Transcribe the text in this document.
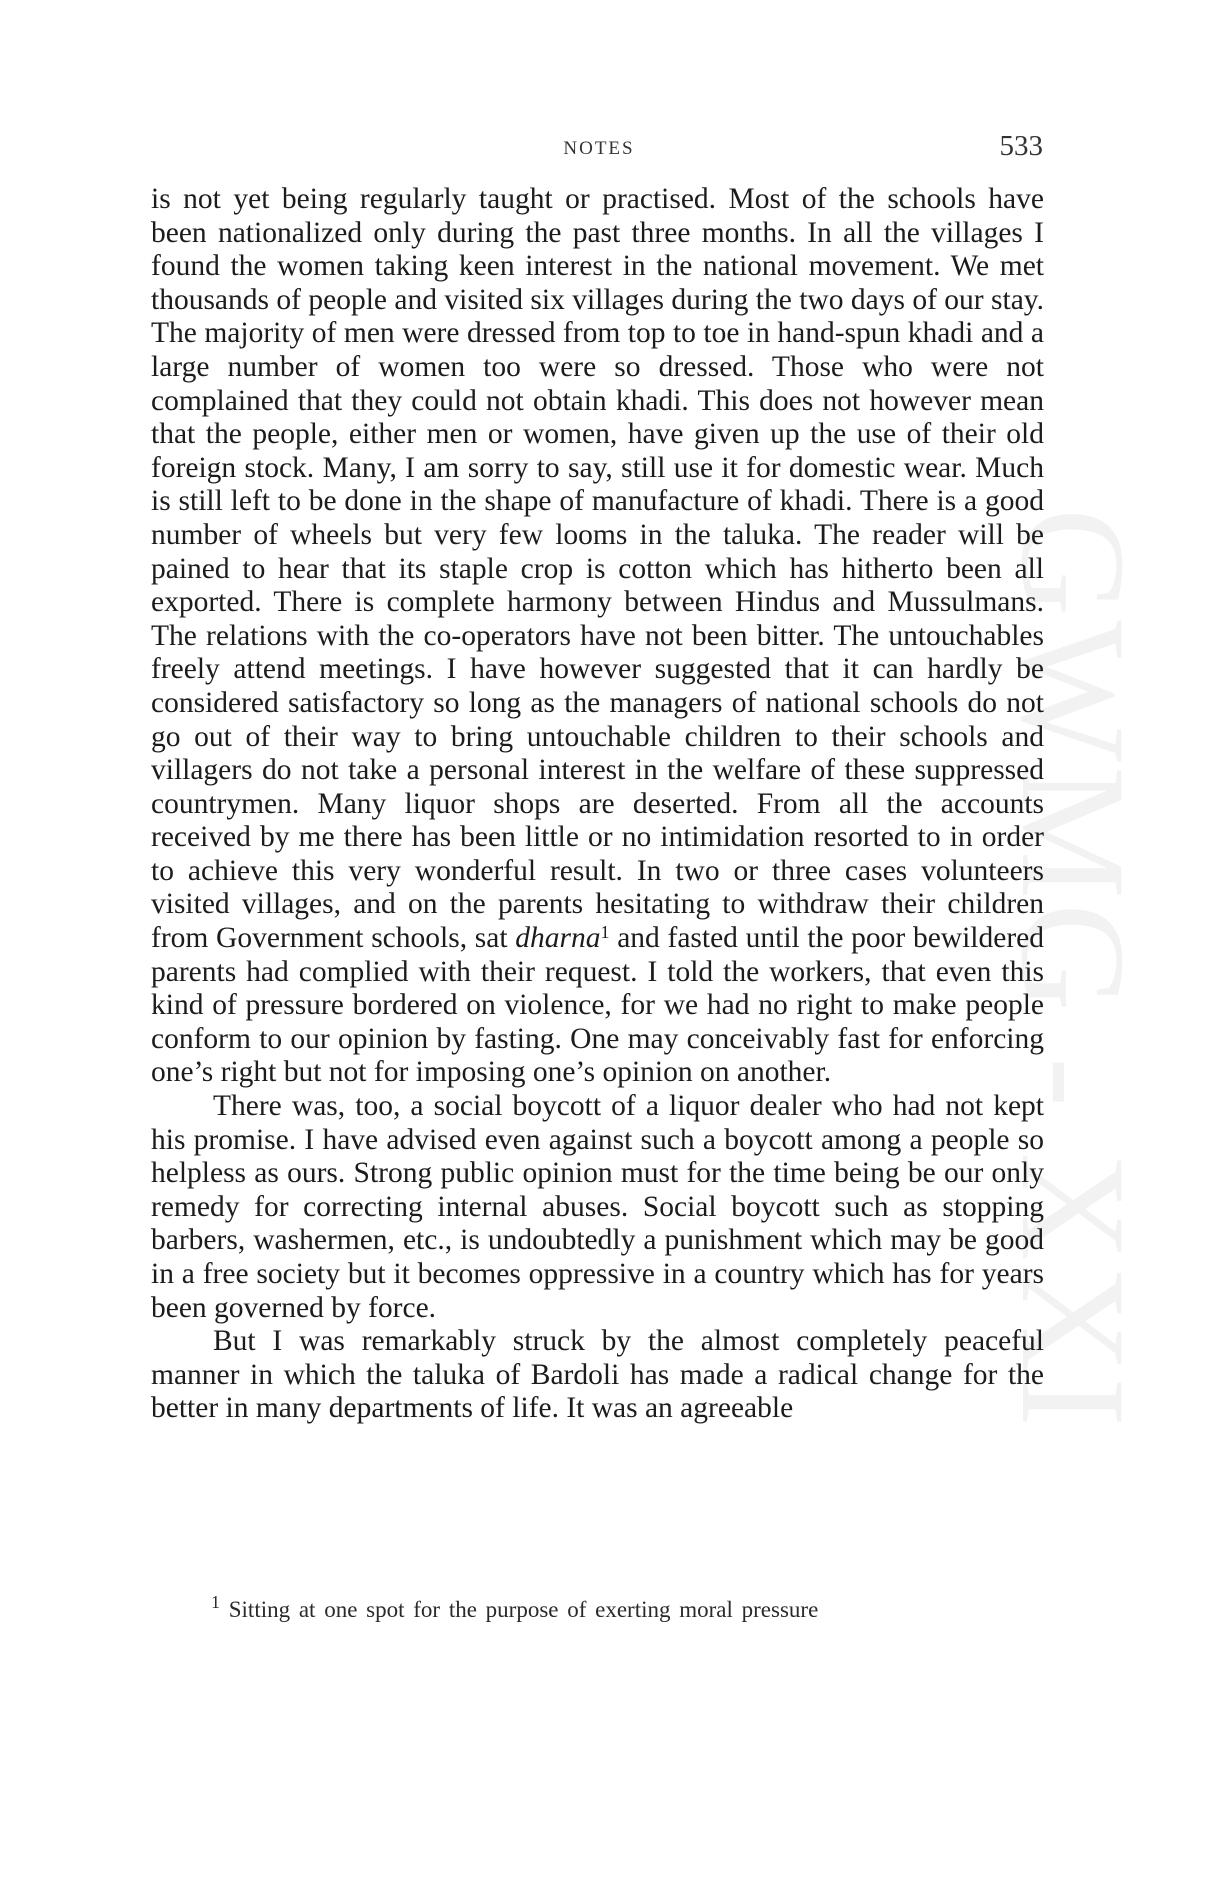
GWMG - XXI
NOTES	533

is not yet being regularly taught or practised. Most of the schools have been nationalized only during the past three months. In all the villages I found the women taking keen interest in the national movement. We met thousands of people and visited six villages during the two days of our stay. The majority of men were dressed from top to toe in hand-spun khadi and a large number of women too were so dressed. Those who were not complained that they could not obtain khadi. This does not however mean that the people, either men or women, have given up the use of their old foreign stock. Many, I am sorry to say, still use it for domestic wear. Much is still left to be done in the shape of manufacture of khadi. There is a good number of wheels but very few looms in the taluka. The reader will be pained to hear that its staple crop is cotton which has hitherto been all exported. There is complete harmony between Hindus and Mussulmans. The relations with the co-operators have not been bitter. The untouchables freely attend meetings. I have however suggested that it can hardly be considered satisfactory so long as the managers of national schools do not go out of their way to bring untouchable children to their schools and villagers do not take a personal interest in the welfare of these suppressed countrymen. Many liquor shops are deserted. From all the accounts received by me there has been little or no intimidation resorted to in order to achieve this very wonderful result. In two or three cases volunteers visited villages, and on the parents hesitating to withdraw their children from Government schools, sat dharna$^1$ and fasted until the poor bewildered parents had complied with their request. I told the workers, that even this kind of pressure bordered on violence, for we had no right to make people conform to our opinion by fasting. One may conceivably fast for enforcing one’s right but not for imposing one’s opinion on another.

There was, too, a social boycott of a liquor dealer who had not kept his promise. I have advised even against such a boycott among a people so helpless as ours. Strong public opinion must for the time being be our only remedy for correcting internal abuses. Social boycott such as stopping barbers, washermen, etc., is undoubtedly a punishment which may be good in a free society but it becomes oppressive in a country which has for years been governed by force.

But I was remarkably struck by the almost completely peaceful manner in which the taluka of Bardoli has made a radical change for the better in many departments of life. It was an agreeable

$^1$ Sitting at one spot for the purpose of exerting moral pressure
